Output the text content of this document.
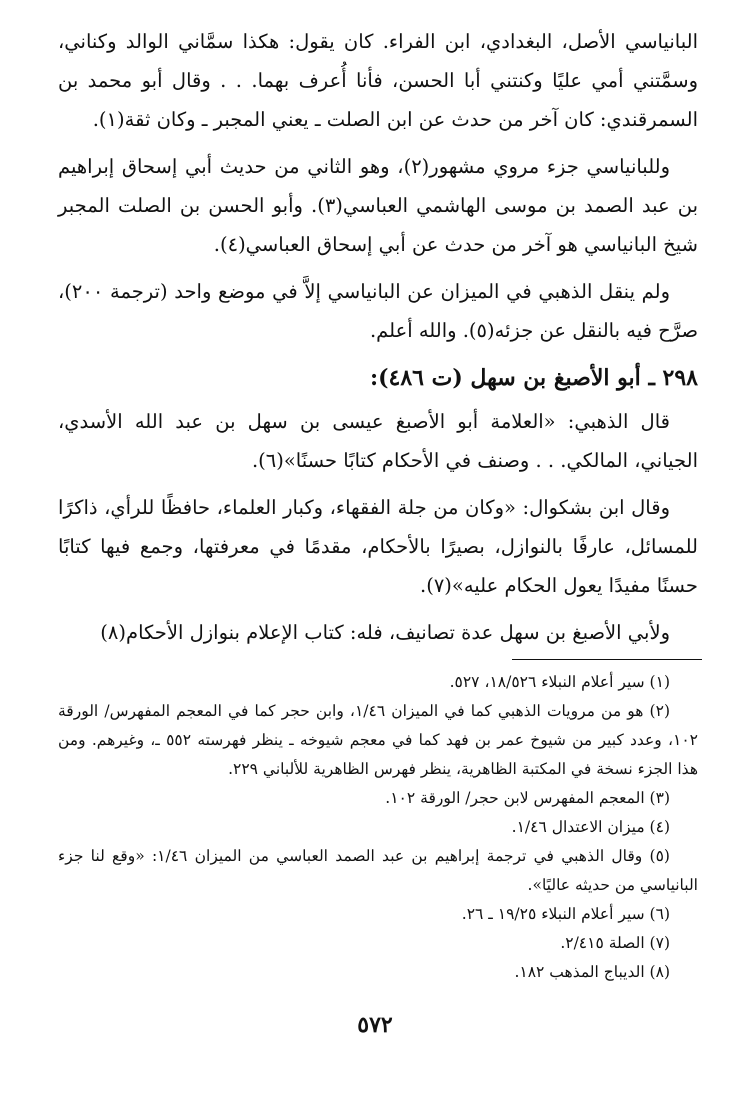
البانياسي الأصل، البغدادي، ابن الفراء. كان يقول: هكذا سمَّاني الوالد وكناني، وسمَّتني أمي عليًا وكنتني أبا الحسن، فأنا أُعرف بهما. . . وقال أبو محمد بن السمرقندي: كان آخر من حدث عن ابن الصلت ـ يعني المجبر ـ وكان ثقة(١).

وللبانياسي جزء مروي مشهور(٢)، وهو الثاني من حديث أبي إسحاق إبراهيم بن عبد الصمد بن موسى الهاشمي العباسي(٣). وأبو الحسن بن الصلت المجبر شيخ البانياسي هو آخر من حدث عن أبي إسحاق العباسي(٤).

ولم ينقل الذهبي في الميزان عن البانياسي إلاَّ في موضع واحد (ترجمة ٢٠٠)، صرَّح فيه بالنقل عن جزئه(٥). والله أعلم.

٢٩٨ ـ أبو الأصبغ بن سهل (ت ٤٨٦):

قال الذهبي: «العلامة أبو الأصبغ عيسى بن سهل بن عبد الله الأسدي، الجياني، المالكي. . . وصنف في الأحكام كتابًا حسنًا»(٦).

وقال ابن بشكوال: «وكان من جلة الفقهاء، وكبار العلماء، حافظًا للرأي، ذاكرًا للمسائل، عارفًا بالنوازل، بصيرًا بالأحكام، مقدمًا في معرفتها، وجمع فيها كتابًا حسنًا مفيدًا يعول الحكام عليه»(٧).

ولأبي الأصبغ بن سهل عدة تصانيف، فله: كتاب الإعلام بنوازل الأحكام(٨)

(١) سير أعلام النبلاء ١٨/٥٢٦، ٥٢٧.

(٢) هو من مرويات الذهبي كما في الميزان ١/٤٦، وابن حجر كما في المعجم المفهرس/ الورقة ١٠٢، وعدد كبير من شيوخ عمر بن فهد كما في معجم شيوخه ـ ينظر فهرسته ٥٥٢ ـ، وغيرهم. ومن هذا الجزء نسخة في المكتبة الظاهرية، ينظر فهرس الظاهرية للألباني ٢٢٩.

(٣) المعجم المفهرس لابن حجر/ الورقة ١٠٢.

(٤) ميزان الاعتدال ١/٤٦.

(٥) وقال الذهبي في ترجمة إبراهيم بن عبد الصمد العباسي من الميزان ١/٤٦: «وقع لنا جزء البانياسي من حديثه عاليًا».

(٦) سير أعلام النبلاء ١٩/٢٥ ـ ٢٦.

(٧) الصلة ٢/٤١٥.

(٨) الديباج المذهب ١٨٢.

٥٧٢
